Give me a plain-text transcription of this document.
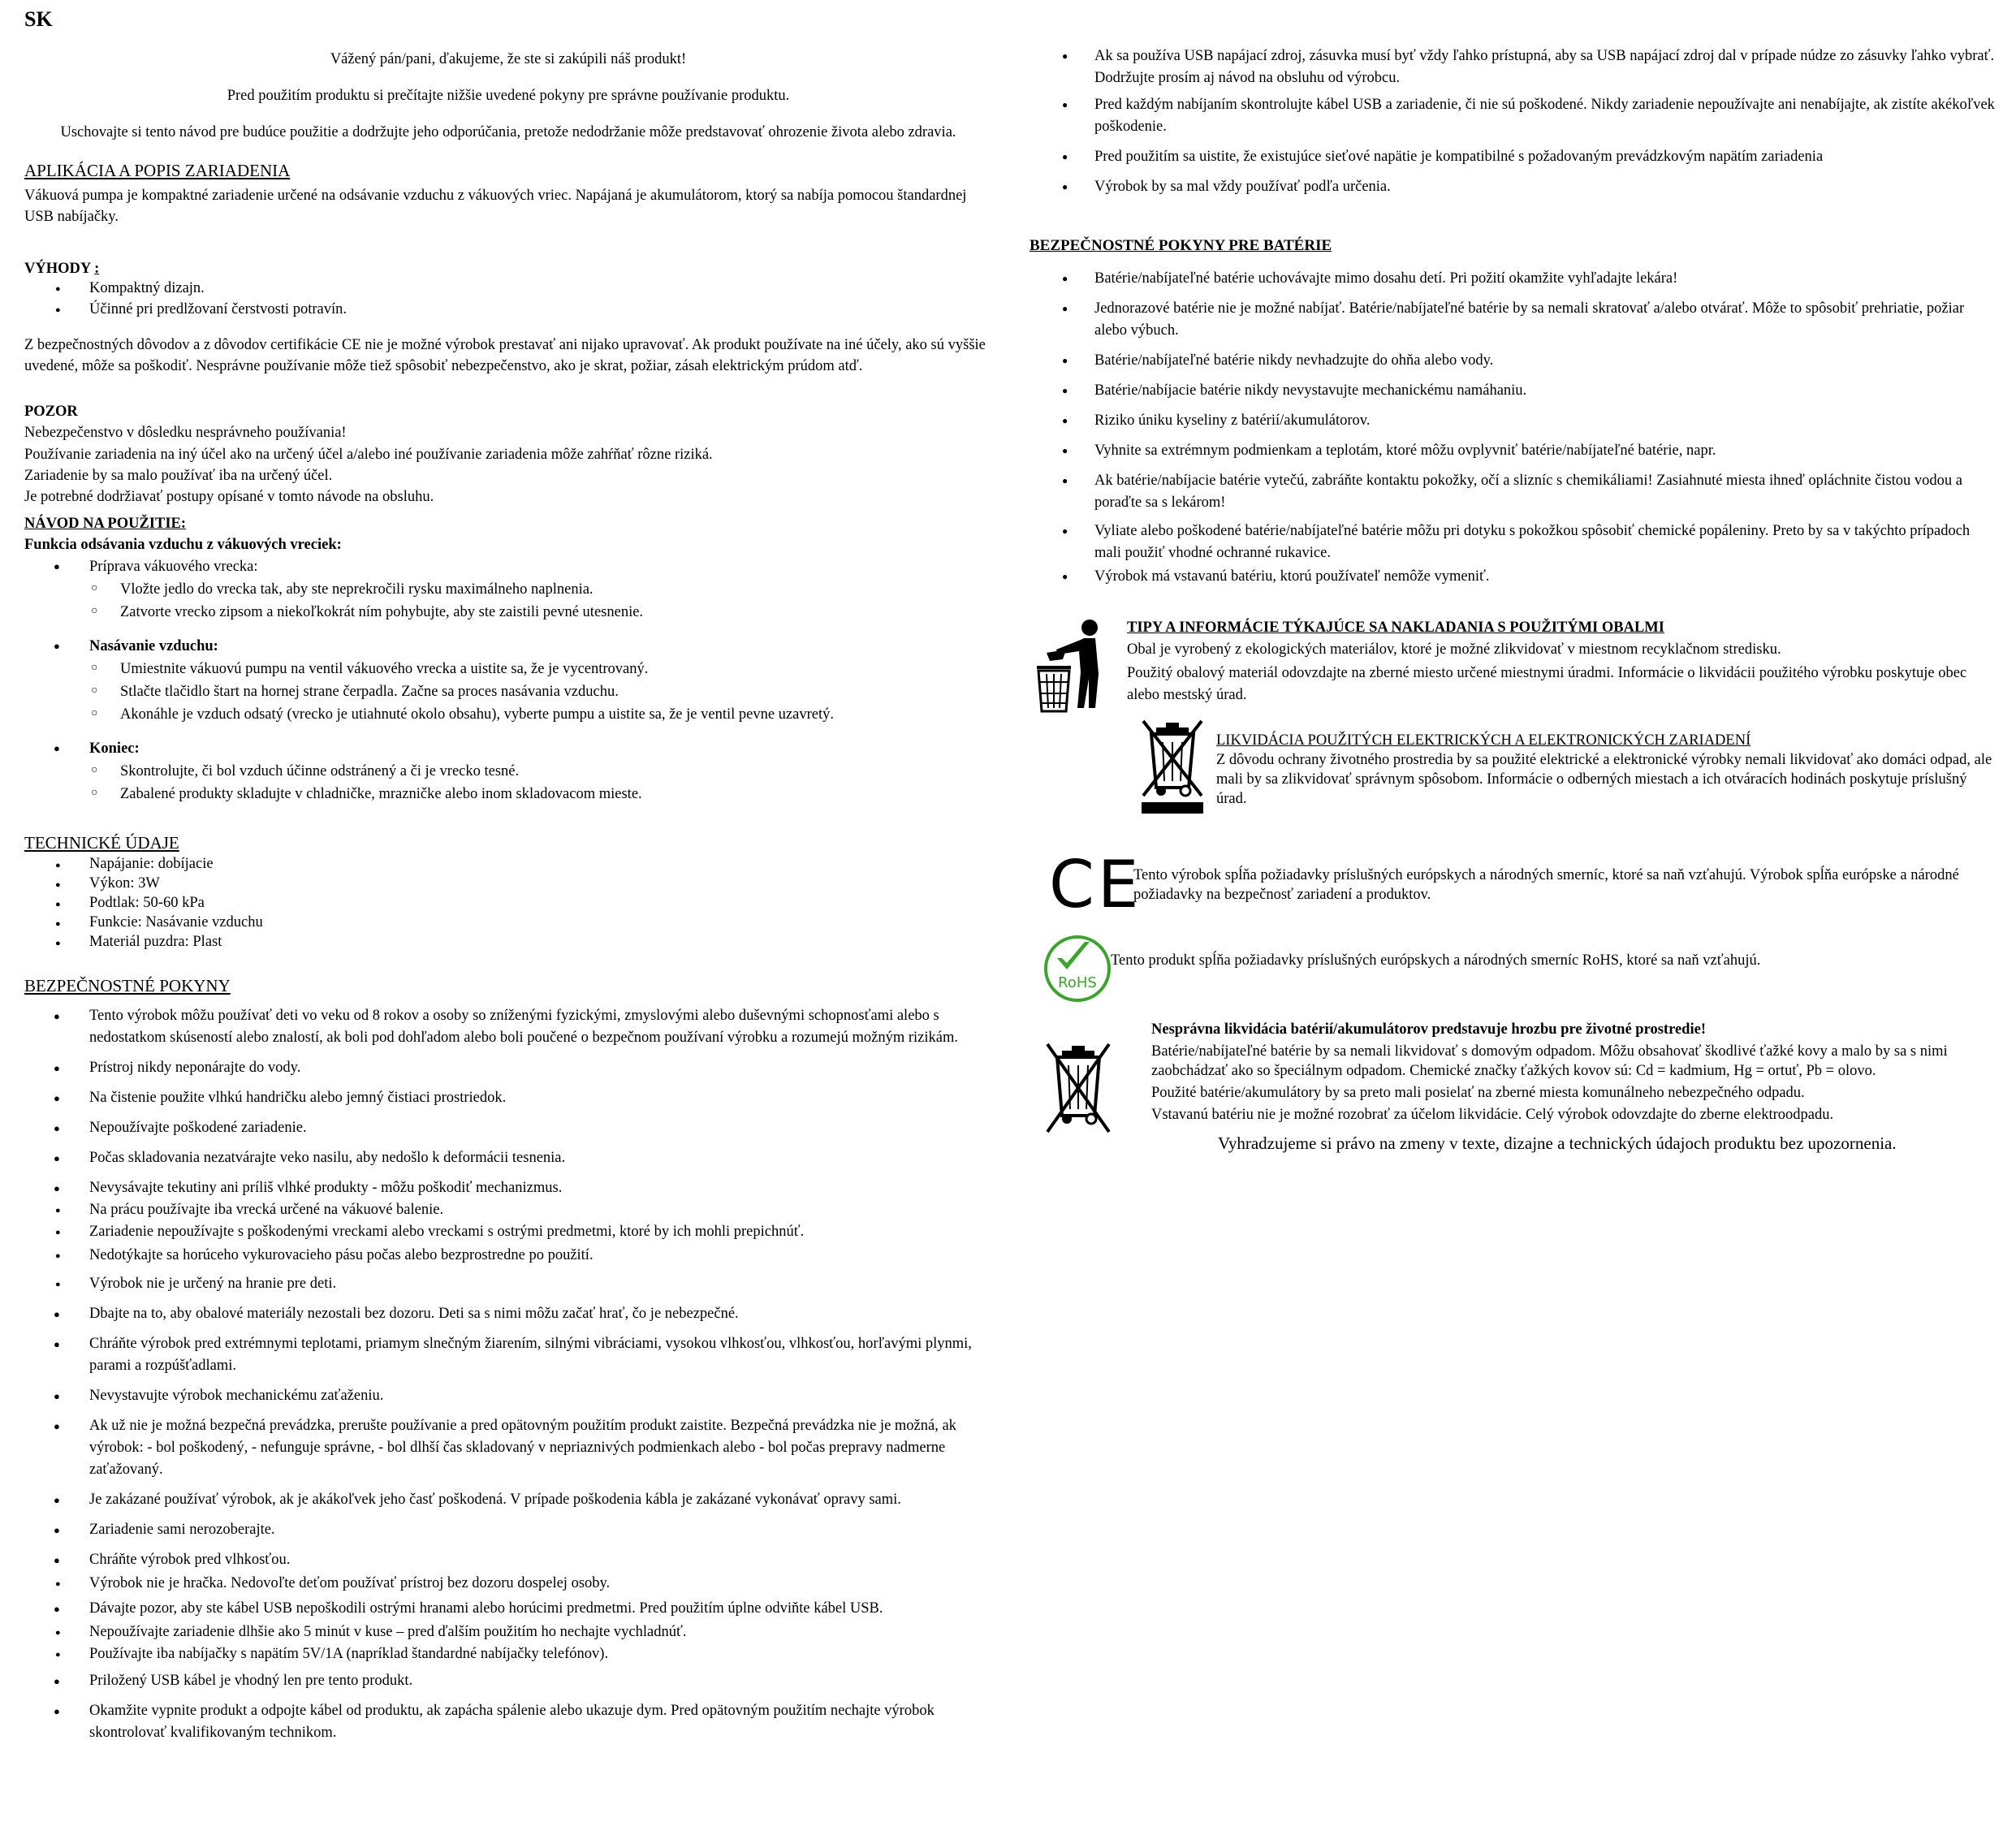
SK

Vážený pán/pani, ďakujeme, že ste si zakúpili náš produkt!

Pred použitím produktu si prečítajte nižšie uvedené pokyny pre správne používanie produktu.

Uschovajte si tento návod pre budúce použitie a dodržujte jeho odporúčania, pretože nedodržanie môže predstavovať ohrozenie života alebo zdravia.

APLIKÁCIA A POPIS ZARIADENIA

Vákuová pumpa je kompaktné zariadenie určené na odsávanie vzduchu z vákuových vriec. Napájaná je akumulátorom, ktorý sa nabíja pomocou štandardnej USB nabíjačky.

VÝHODY :
● Kompaktný dizajn.
● Účinné pri predlžovaní čerstvosti potravín.

Z bezpečnostných dôvodov a z dôvodov certifikácie CE nie je možné výrobok prestavať ani nijako upravovať. Ak produkt používate na iné účely, ako sú vyššie uvedené, môže sa poškodiť. Nesprávne používanie môže tiež spôsobiť nebezpečenstvo, ako je skrat, požiar, zásah elektrickým prúdom atď.

POZOR

Nebezpečenstvo v dôsledku nesprávneho používania!

Používanie zariadenia na iný účel ako na určený účel a/alebo iné používanie zariadenia môže zahŕňať rôzne riziká.

Zariadenie by sa malo používať iba na určený účel.

Je potrebné dodržiavať postupy opísané v tomto návode na obsluhu.

NÁVOD NA POUŽITIE:

Funkcia odsávania vzduchu z vákuových vreciek:

● Príprava vákuového vrecka:
○ Vložte jedlo do vrecka tak, aby ste neprekročili rysku maximálneho naplnenia.
○ Zatvorte vrecko zipsom a niekoľkokrát ním pohybujte, aby ste zaistili pevné utesnenie.
● Nasávanie vzduchu:
○ Umiestnite vákuovú pumpu na ventil vákuového vrecka a uistite sa, že je vycentrovaný.
○ Stlačte tlačidlo štart na hornej strane čerpadla. Začne sa proces nasávania vzduchu.
○ Akonáhle je vzduch odsatý (vrecko je utiahnuté okolo obsahu), vyberte pumpu a uistite sa, že je ventil pevne uzavretý.
● Koniec:
○ Skontrolujte, či bol vzduch účinne odstránený a či je vrecko tesné.
○ Zabalené produkty skladujte v chladničke, mrazničke alebo inom skladovacom mieste.
TECHNICKÉ ÚDAJE
● Napájanie: dobíjacie
● Výkon: 3W
● Podtlak: 50-60 kPa
● Funkcie: Nasávanie vzduchu
● Materiál puzdra: Plast
BEZPEČNOSTNÉ POKYNY
● Tento výrobok môžu používať deti vo veku od 8 rokov a osoby so zníženými fyzickými, zmyslovými alebo duševnými schopnosťami alebo s nedostatkom skúseností alebo znalostí, ak boli pod dohľadom alebo boli poučené o bezpečnom používaní výrobku a rozumejú možným rizikám.
● Prístroj nikdy neponárajte do vody.
● Na čistenie použite vlhkú handričku alebo jemný čistiaci prostriedok.
● Nepoužívajte poškodené zariadenie.
● Počas skladovania nezatvárajte veko nasilu, aby nedošlo k deformácii tesnenia.
● Nevysávajte tekutiny ani príliš vlhké produkty - môžu poškodiť mechanizmus.
● Na prácu používajte iba vrecká určené na vákuové balenie.
● Zariadenie nepoužívajte s poškodenými vreckami alebo vreckami s ostrými predmetmi, ktoré by ich mohli prepichnúť.
● Nedotýkajte sa horúceho vykurovacieho pásu počas alebo bezprostredne po použití.
● Výrobok nie je určený na hranie pre deti.
● Dbajte na to, aby obalové materiály nezostali bez dozoru. Deti sa s nimi môžu začať hrať, čo je nebezpečné.
● Chráňte výrobok pred extrémnymi teplotami, priamym slnečným žiarením, silnými vibráciami, vysokou vlhkosťou, vlhkosťou, horľavými plynmi, parami a rozpúšťadlami.
● Nevystavujte výrobok mechanickému zaťaženiu.
● Ak už nie je možná bezpečná prevádzka, prerušte používanie a pred opätovným použitím produkt zaistite. Bezpečná prevádzka nie je možná, ak výrobok: - bol poškodený, - nefunguje správne, - bol dlhší čas skladovaný v nepriaznivých podmienkach alebo - bol počas prepravy nadmerne zaťažovaný.
● Je zakázané používať výrobok, ak je akákoľvek jeho časť poškodená. V prípade poškodenia kábla je zakázané vykonávať opravy sami.
● Zariadenie sami nerozoberajte.
● Chráňte výrobok pred vlhkosťou.
● Výrobok nie je hračka. Nedovoľte deťom používať prístroj bez dozoru dospelej osoby.
● Dávajte pozor, aby ste kábel USB nepoškodili ostrými hranami alebo horúcimi predmetmi. Pred použitím úplne odviňte kábel USB.
● Nepoužívajte zariadenie dlhšie ako 5 minút v kuse – pred ďalším použitím ho nechajte vychladnúť.
● Používajte iba nabíjačky s napätím 5V/1A (napríklad štandardné nabíjačky telefónov).
● Priložený USB kábel je vhodný len pre tento produkt.
● Okamžite vypnite produkt a odpojte kábel od produktu, ak zapácha spálenie alebo ukazuje dym. Pred opätovným použitím nechajte výrobok skontrolovať kvalifikovaným technikom.
● Ak sa používa USB napájací zdroj, zásuvka musí byť vždy ľahko prístupná, aby sa USB napájací zdroj dal v prípade núdze zo zásuvky ľahko vybrať. Dodržujte prosím aj návod na obsluhu od výrobcu.
● Pred každým nabíjaním skontrolujte kábel USB a zariadenie, či nie sú poškodené. Nikdy zariadenie nepoužívajte ani nenabíjajte, ak zistíte akékoľvek poškodenie.
● Pred použitím sa uistite, že existujúce sieťové napätie je kompatibilné s požadovaným prevádzkovým napätím zariadenia
● Výrobok by sa mal vždy používať podľa určenia.
BEZPEČNOSTNÉ POKYNY PRE BATÉRIE
● Batérie/nabíjateľné batérie uchovávajte mimo dosahu detí. Pri požití okamžite vyhľadajte lekára!
● Jednorazové batérie nie je možné nabíjať. Batérie/nabíjateľné batérie by sa nemali skratovať a/alebo otvárať. Môže to spôsobiť prehriatie, požiar alebo výbuch.
● Batérie/nabíjateľné batérie nikdy nevhadzujte do ohňa alebo vody.
● Batérie/nabíjacie batérie nikdy nevystavujte mechanickému namáhaniu.
● Riziko úniku kyseliny z batérií/akumulátorov.
● Vyhnite sa extrémnym podmienkam a teplotám, ktoré môžu ovplyvniť batérie/nabíjateľné batérie, napr.
● Ak batérie/nabíjacie batérie vytečú, zabráňte kontaktu pokožky, očí a slizníc s chemikáliami! Zasiahnuté miesta ihneď opláchnite čistou vodou a poraďte sa s lekárom!
● Vyliate alebo poškodené batérie/nabíjateľné batérie môžu pri dotyku s pokožkou spôsobiť chemické popáleniny. Preto by sa v takýchto prípadoch mali použiť vhodné ochranné rukavice.
● Výrobok má vstavanú batériu, ktorú používateľ nemôže vymeniť.

TIPY A INFORMÁCIE TÝKAJÚCE SA NAKLADANIA S POUŽITÝMI OBALMI

Obal je vyrobený z ekologických materiálov, ktoré je možné zlikvidovať v miestnom recyklačnom stredisku.

Použitý obalový materiál odovzdajte na zberné miesto určené miestnymi úradmi. Informácie o likvidácii použitého výrobku poskytuje obec alebo mestský úrad.

LIKVIDÁCIA POUŽITÝCH ELEKTRICKÝCH A ELEKTRONICKÝCH ZARIADENÍ

Z dôvodu ochrany životného prostredia by sa použité elektrické a elektronické výrobky nemali likvidovať ako domáci odpad, ale mali by sa zlikvidovať správnym spôsobom. Informácie o odberných miestach a ich otváracích hodinách poskytuje príslušný úrad.

CE

Tento výrobok spĺňa požiadavky príslušných európskych a národných smerníc, ktoré sa naň vzťahujú. Výrobok spĺňa európske a národné požiadavky na bezpečnosť zariadení a produktov.

RoHS

Tento produkt spĺňa požiadavky príslušných európskych a národných smerníc RoHS, ktoré sa naň vzťahujú.

Nesprávna likvidácia batérií/akumulátorov predstavuje hrozbu pre životné prostredie!

Batérie/nabíjateľné batérie by sa nemali likvidovať s domovým odpadom. Môžu obsahovať škodlivé ťažké kovy a malo by sa s nimi zaobchádzať ako so špeciálnym odpadom. Chemické značky ťažkých kovov sú: Cd = kadmium, Hg = ortuť, Pb = olovo.

Použité batérie/akumulátory by sa preto mali posielať na zberné miesta komunálneho nebezpečného odpadu.

Vstavanú batériu nie je možné rozobrať za účelom likvidácie. Celý výrobok odovzdajte do zberne elektroodpadu.

Vyhradzujeme si právo na zmeny v texte, dizajne a technických údajoch produktu bez upozornenia.
